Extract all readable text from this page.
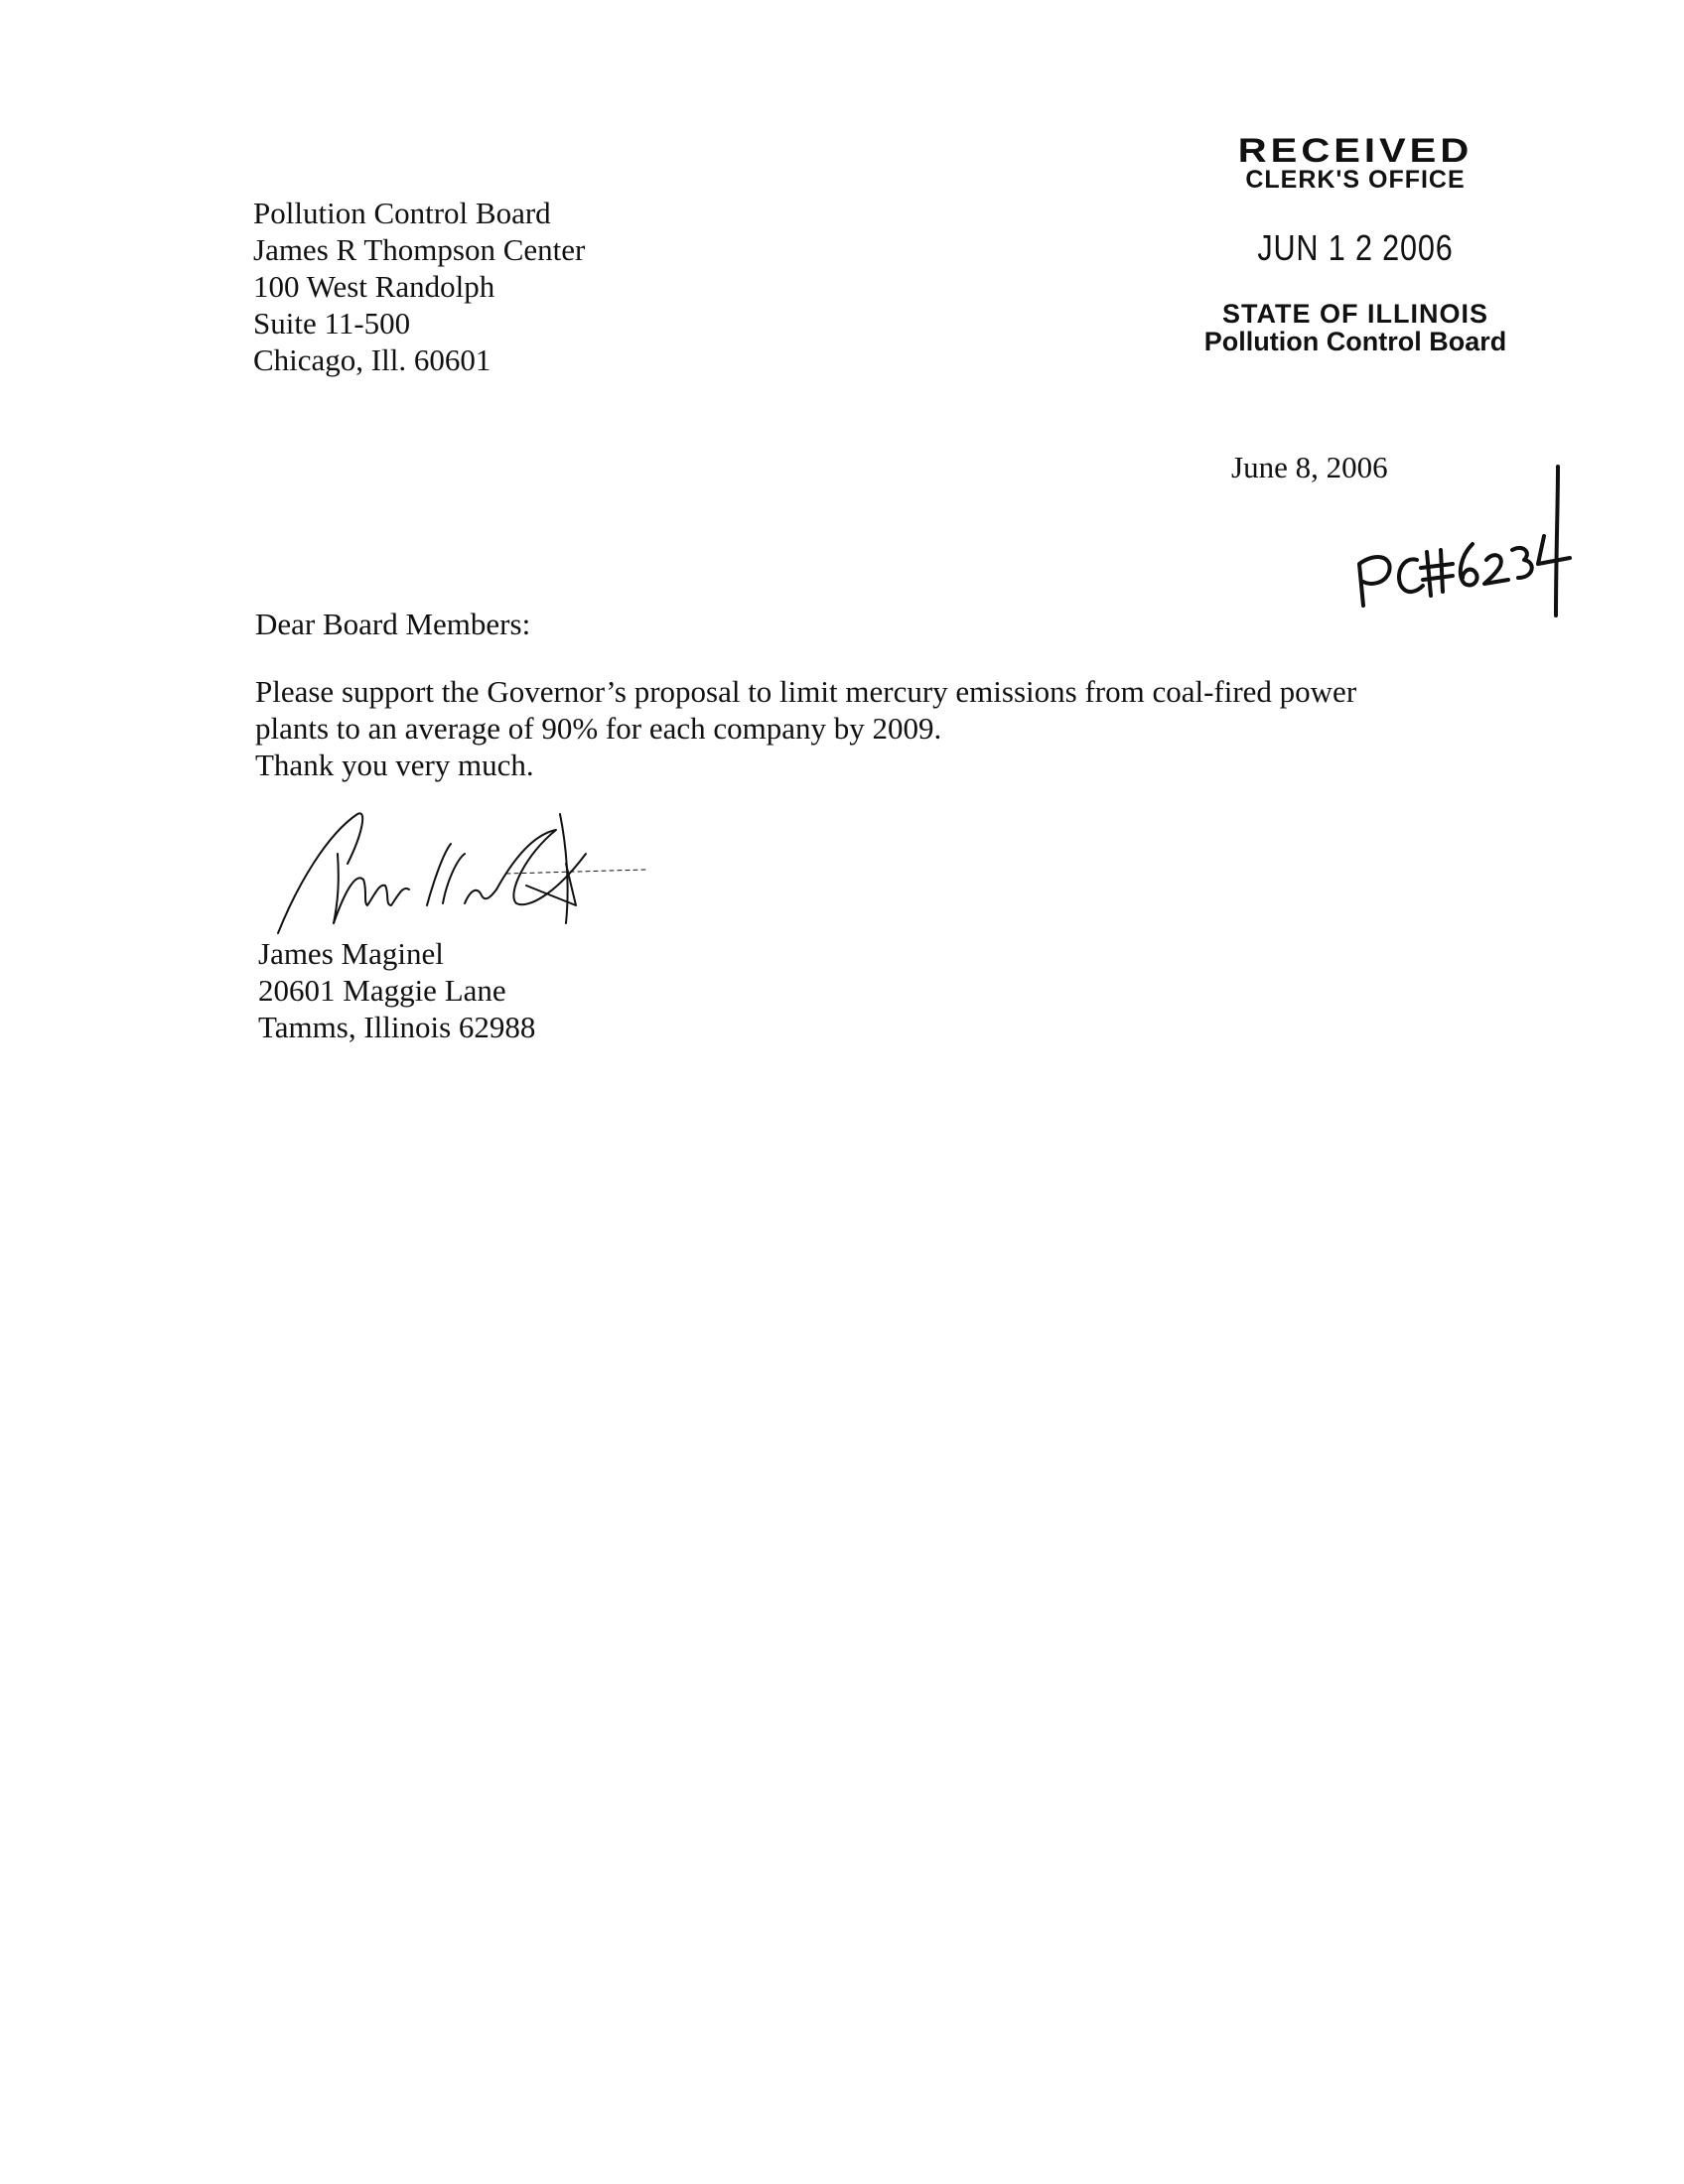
Pollution Control Board
James R Thompson Center
100 West Randolph
Suite 11-500
Chicago, Ill. 60601
RECEIVED
CLERK'S OFFICE
JUN 1 2 2006
STATE OF ILLINOIS
Pollution Control Board
June 8, 2006
Dear Board Members:
Please support the Governor’s proposal to limit mercury emissions from coal-fired power
plants to an average of 90% for each company by 2009.
Thank you very much.
James Maginel
20601 Maggie Lane
Tamms, Illinois 62988
